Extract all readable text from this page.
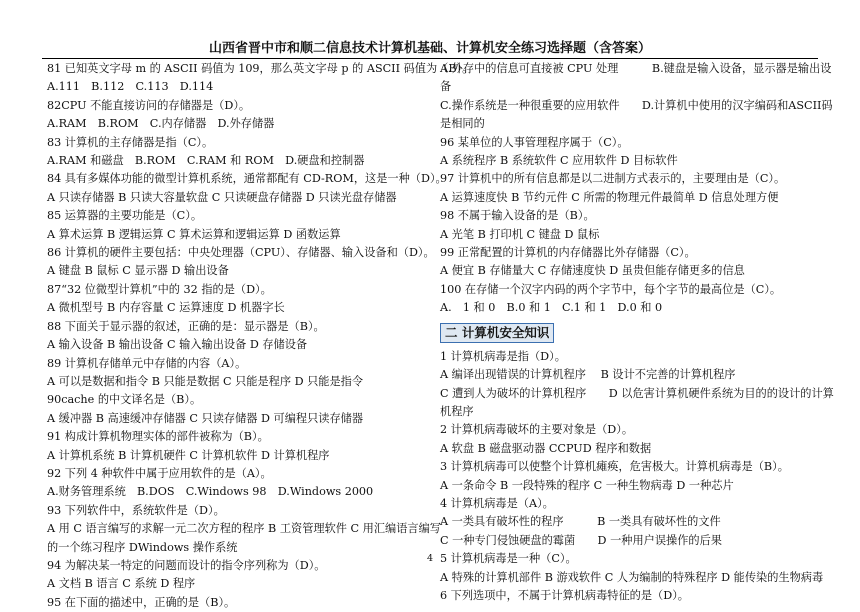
山西省晋中市和顺二信息技术计算机基础、计算机安全练习选择题（含答案）
81 已知英文字母 m 的 ASCII 码值为 109，那么英文字母 p 的 ASCII 码值为（B）。
A.111　B.112　C.113　D.114
82CPU 不能直接访问的存储器是（D）。
A.RAM　B.ROM　C.内存储器　D.外存储器
83 计算机的主存储器是指（C）。
A.RAM 和磁盘　B.ROM　C.RAM 和 ROM　D.硬盘和控制器
84 具有多媒体功能的微型计算机系统，通常都配有 CD-ROM，这是一种（D）。
A 只读存储器 B 只读大容量软盘 C 只读硬盘存储器 D 只读光盘存储器
85 运算器的主要功能是（C）。
A 算术运算 B 逻辑运算 C 算术运算和逻辑运算 D 函数运算
86 计算机的硬件主要包括：中央处理器（CPU）、存储器、输入设备和（D）。
A 键盘 B 鼠标 C 显示器 D 输出设备
87“32 位微型计算机”中的 32 指的是（D）。
A 微机型号 B 内存容量 C 运算速度 D 机器字长
88 下面关于显示器的叙述，正确的是：显示器是（B）。
A 输入设备 B 输出设备 C 输入输出设备 D 存储设备
89 计算机存储单元中存储的内容（A）。
A 可以是数据和指令 B 只能是数据 C 只能是程序 D 只能是指令
90cache 的中文译名是（B）。
A 缓冲器 B 高速缓冲存储器 C 只读存储器 D 可编程只读存储器
91 构成计算机物理实体的部件被称为（B）。
A 计算机系统 B 计算机硬件 C 计算机软件 D 计算机程序
92 下列 4 种软件中属于应用软件的是（A）。
A.财务管理系统　B.DOS　C.Windows 98　D.Windows 2000
93 下列软件中，系统软件是（D）。
A 用 C 语言编写的求解一元二次方程的程序 B 工资管理软件 C 用汇编语言编写
的一个练习程序 DWindows 操作系统
94 为解决某一特定的问题而设计的指令序列称为（D）。
A 文档 B 语言 C 系统 D 程序
95 在下面的描述中，正确的是（B）。
A.外存中的信息可直接被 CPU 处理　　　B.键盘是输入设备，显示器是输出设
备
C.操作系统是一种很重要的应用软件　　D.计算机中使用的汉字编码和ASCII码
是相同的
96 某单位的人事管理程序属于（C）。
A 系统程序 B 系统软件 C 应用软件 D 目标软件
97 计算机中的所有信息都是以二进制方式表示的，主要理由是（C）。
A 运算速度快 B 节约元件 C 所需的物理元件最简单 D 信息处理方便
98 不属于输入设备的是（B）。
A 光笔 B 打印机 C 键盘 D 鼠标
99 正常配置的计算机的内存储器比外存储器（C）。
A 便宜 B 存储量大 C 存储速度快 D 虽贵但能存储更多的信息
100 在存储一个汉字内码的两个字节中，每个字节的最高位是（C）。
A.　1 和 0　B.0 和 1　C.1 和 1　D.0 和 0
二 计算机安全知识
1 计算机病毒是指（D）。
A 编译出现错误的计算机程序　 B 设计不完善的计算机程序
C 遭到人为破坏的计算机程序　　D 以危害计算机硬件系统为目的的设计的计算
机程序
2 计算机病毒破坏的主要对象是（D）。
A 软盘 B 磁盘驱动器 CCPUD 程序和数据
3 计算机病毒可以使整个计算机瘫痪，危害极大。计算机病毒是（B）。
A 一条命令 B 一段特殊的程序 C 一种生物病毒 D 一种芯片
4 计算机病毒是（A）。
A 一类具有破坏性的程序　　　B 一类具有破坏性的文件
C 一种专门侵蚀硬盘的霉菌　　D 一种用户误操作的后果
5 计算机病毒是一种（C）。
A 特殊的计算机部件 B 游戏软件 C 人为编制的特殊程序 D 能传染的生物病毒
6 下列选项中，不属于计算机病毒特征的是（D）。
4
